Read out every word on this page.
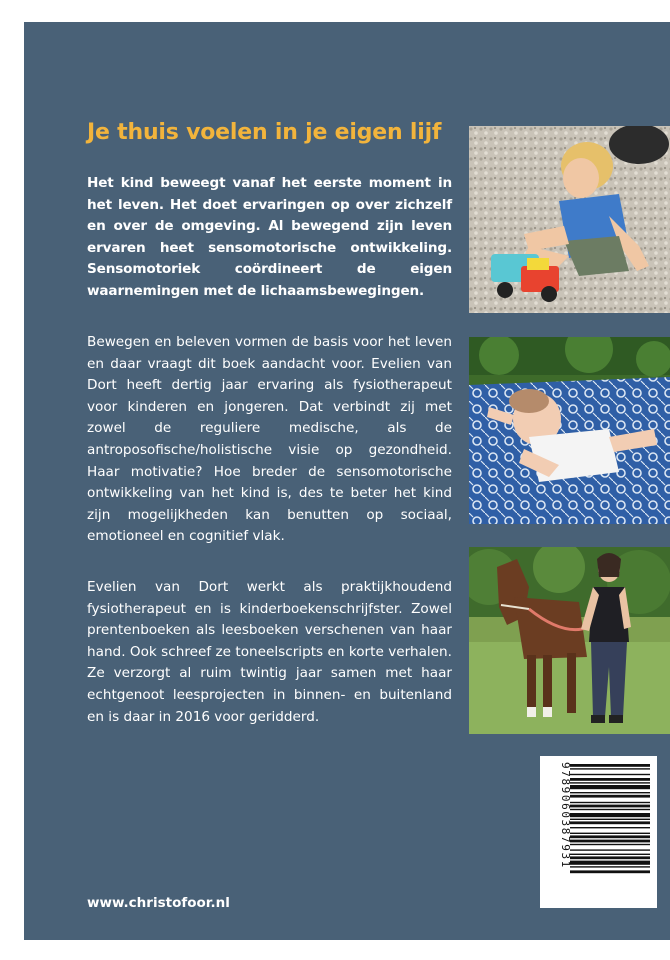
Je thuis voelen in je eigen lijf
Het kind beweegt vanaf het eerste moment in het leven. Het doet ervaringen op over zichzelf en over de omgeving. Al bewegend zijn leven ervaren heet sensomotorische ontwikkeling. Sensomotoriek coördineert de eigen waarnemingen met de lichaamsbewegingen.
Bewegen en beleven vormen de basis voor het leven en daar vraagt dit boek aandacht voor. Evelien van Dort heeft dertig jaar ervaring als fysiotherapeut voor kinderen en jongeren. Dat verbindt zij met zowel de reguliere medische, als de antroposofische/holistische visie op gezondheid. Haar motivatie? Hoe breder de sensomotorische ontwikkeling van het kind is, des te beter het kind zijn mogelijkheden kan benutten op sociaal, emotioneel en cognitief vlak.
Evelien van Dort werkt als praktijkhoudend fysiotherapeut en is kinderboekenschrijfster. Zowel prentenboeken als leesboeken verschenen van haar hand. Ook schreef ze toneelscripts en korte verhalen. Ze verzorgt al ruim twintig jaar samen met haar echtgenoot leesprojecten in binnen- en buitenland en is daar in 2016 voor geridderd.
www.christofoor.nl
9789060387931
